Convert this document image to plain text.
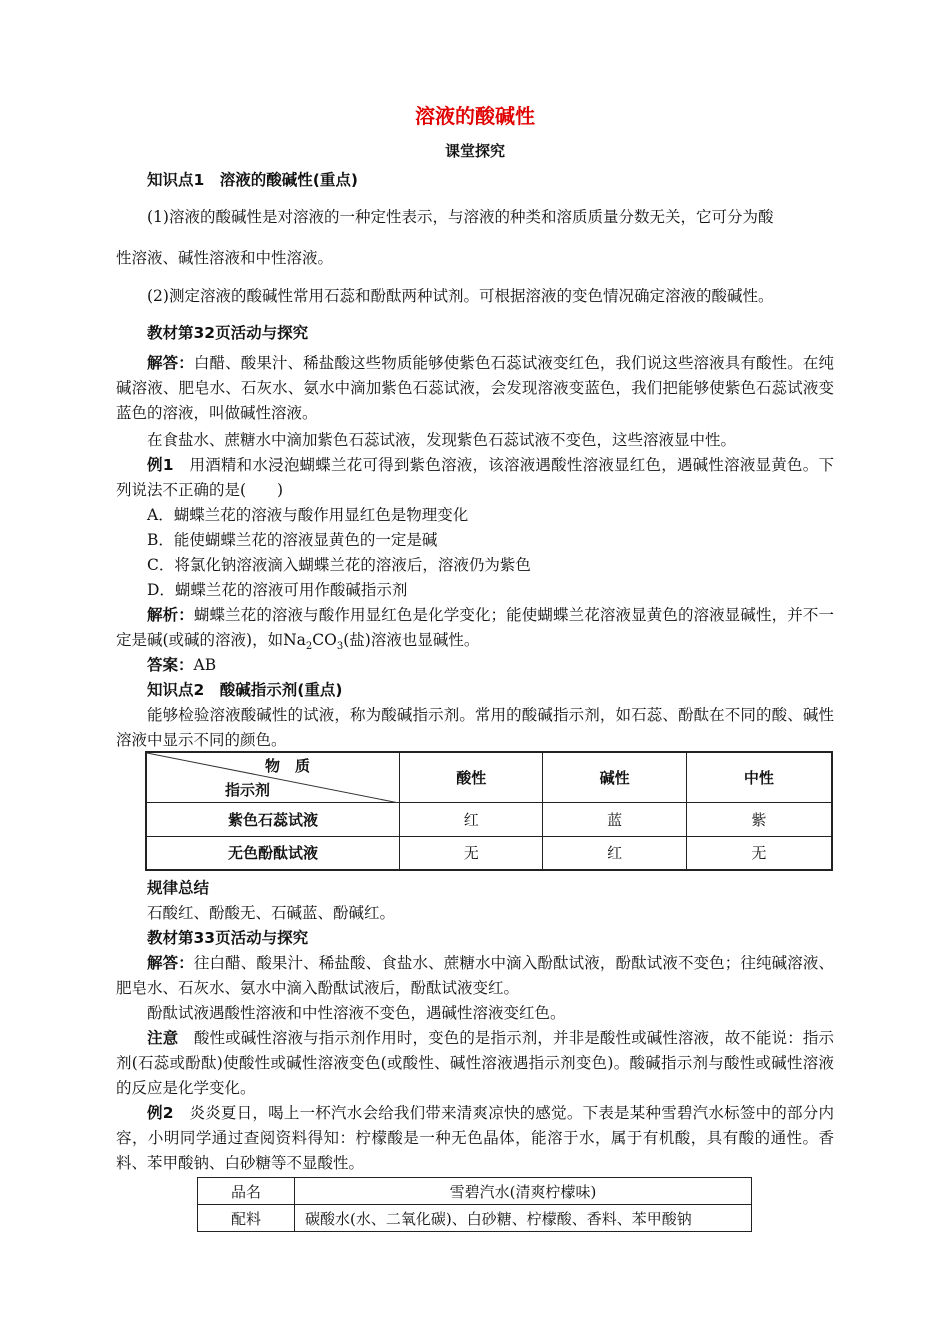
溶液的酸碱性
课堂探究
知识点1　溶液的酸碱性(重点)
(1)溶液的酸碱性是对溶液的一种定性表示，与溶液的种类和溶质质量分数无关，它可分为酸
性溶液、碱性溶液和中性溶液。
(2)测定溶液的酸碱性常用石蕊和酚酞两种试剂。可根据溶液的变色情况确定溶液的酸碱性。
教材第32页活动与探究
解答：白醋、酸果汁、稀盐酸这些物质能够使紫色石蕊试液变红色，我们说这些溶液具有酸性。在纯碱溶液、肥皂水、石灰水、氨水中滴加紫色石蕊试液，会发现溶液变蓝色，我们把能够使紫色石蕊试液变蓝色的溶液，叫做碱性溶液。
在食盐水、蔗糖水中滴加紫色石蕊试液，发现紫色石蕊试液不变色，这些溶液显中性。
例1　用酒精和水浸泡蝴蝶兰花可得到紫色溶液，该溶液遇酸性溶液显红色，遇碱性溶液显黄色。下列说法不正确的是(　　)
A．蝴蝶兰花的溶液与酸作用显红色是物理变化
B．能使蝴蝶兰花的溶液显黄色的一定是碱
C．将氯化钠溶液滴入蝴蝶兰花的溶液后，溶液仍为紫色
D．蝴蝶兰花的溶液可用作酸碱指示剂
解析：蝴蝶兰花的溶液与酸作用显红色是化学变化；能使蝴蝶兰花溶液显黄色的溶液显碱性，并不一定是碱(或碱的溶液)，如$Na_2CO_3$(盐)溶液也显碱性。
答案：AB
知识点2　酸碱指示剂(重点)
能够检验溶液酸碱性的试液，称为酸碱指示剂。常用的酸碱指示剂，如石蕊、酚酞在不同的酸、碱性溶液中显示不同的颜色。
物　质
指示剂	酸性	碱性	中性
紫色石蕊试液	红	蓝	紫
无色酚酞试液	无	红	无
规律总结
石酸红、酚酸无、石碱蓝、酚碱红。
教材第33页活动与探究
解答：往白醋、酸果汁、稀盐酸、食盐水、蔗糖水中滴入酚酞试液，酚酞试液不变色；往纯碱溶液、肥皂水、石灰水、氨水中滴入酚酞试液后，酚酞试液变红。
酚酞试液遇酸性溶液和中性溶液不变色，遇碱性溶液变红色。
注意　酸性或碱性溶液与指示剂作用时，变色的是指示剂，并非是酸性或碱性溶液，故不能说：指示剂(石蕊或酚酞)使酸性或碱性溶液变色(或酸性、碱性溶液遇指示剂变色)。酸碱指示剂与酸性或碱性溶液的反应是化学变化。
例2　炎炎夏日，喝上一杯汽水会给我们带来清爽凉快的感觉。下表是某种雪碧汽水标签中的部分内容，小明同学通过查阅资料得知：柠檬酸是一种无色晶体，能溶于水，属于有机酸，具有酸的通性。香料、苯甲酸钠、白砂糖等不显酸性。
品名	雪碧汽水(清爽柠檬味)
配料	碳酸水(水、二氧化碳)、白砂糖、柠檬酸、香料、苯甲酸钠
